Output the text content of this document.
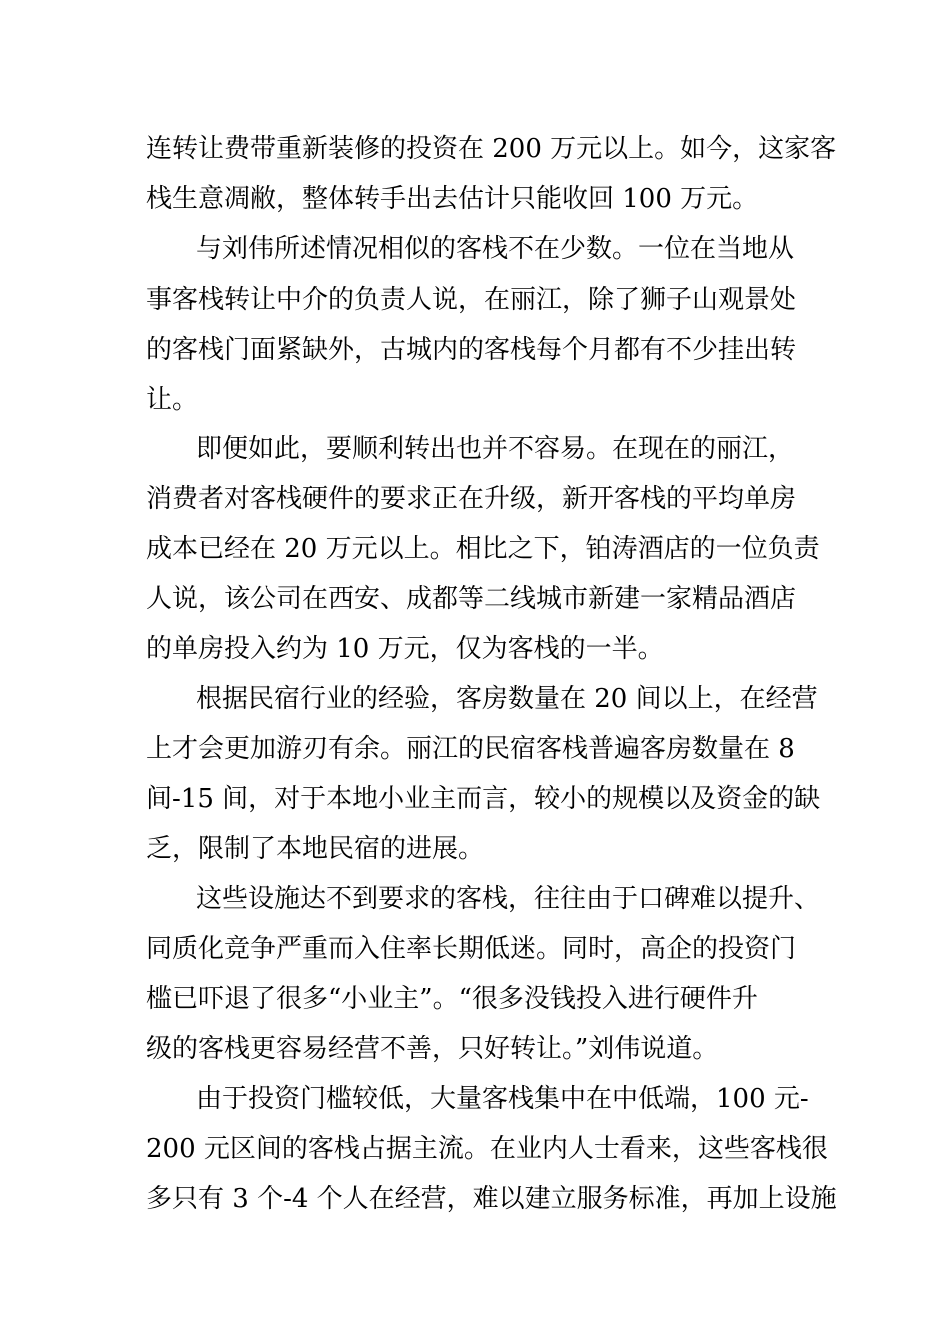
连转让费带重新装修的投资在 200 万元以上。如今，这家客
栈生意凋敝，整体转手出去估计只能收回 100 万元。
与刘伟所述情况相似的客栈不在少数。一位在当地从
事客栈转让中介的负责人说，在丽江，除了狮子山观景处
的客栈门面紧缺外，古城内的客栈每个月都有不少挂出转
让。
即便如此，要顺利转出也并不容易。在现在的丽江，
消费者对客栈硬件的要求正在升级，新开客栈的平均单房
成本已经在 20 万元以上。相比之下，铂涛酒店的一位负责
人说，该公司在西安、成都等二线城市新建一家精品酒店
的单房投入约为 10 万元，仅为客栈的一半。
根据民宿行业的经验，客房数量在 20 间以上，在经营
上才会更加游刃有余。丽江的民宿客栈普遍客房数量在 8
间-15 间，对于本地小业主而言，较小的规模以及资金的缺
乏，限制了本地民宿的进展。
这些设施达不到要求的客栈，往往由于口碑难以提升、
同质化竞争严重而入住率长期低迷。同时，高企的投资门
槛已吓退了很多“小业主”。“很多没钱投入进行硬件升
级的客栈更容易经营不善，只好转让。”刘伟说道。
由于投资门槛较低，大量客栈集中在中低端，100 元-
200 元区间的客栈占据主流。在业内人士看来，这些客栈很
多只有 3 个-4 个人在经营，难以建立服务标准，再加上设施
